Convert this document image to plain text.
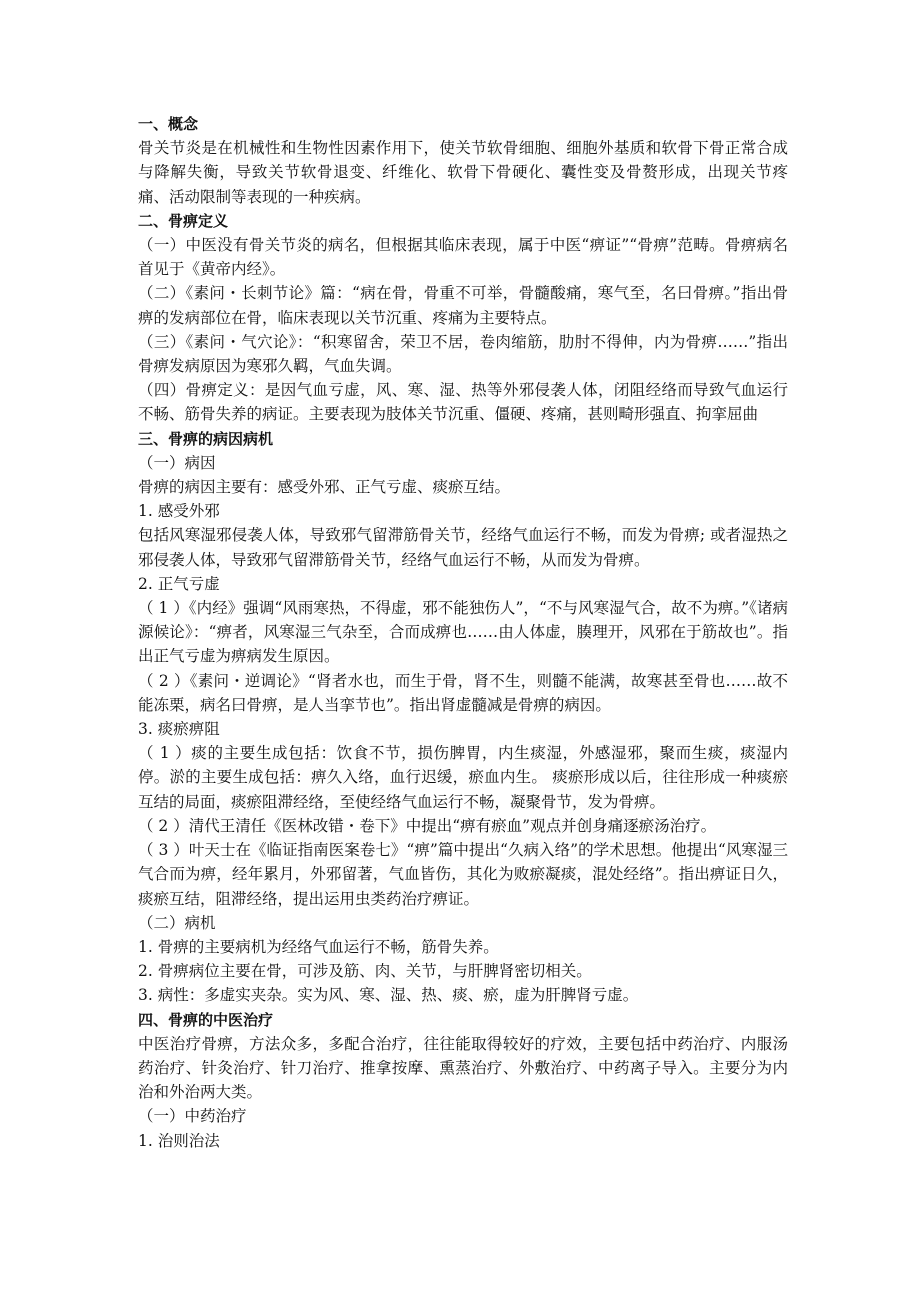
一、概念

骨关节炎是在机械性和生物性因素作用下，使关节软骨细胞、细胞外基质和软骨下骨正常合成与降解失衡，导致关节软骨退变、纤维化、软骨下骨硬化、囊性变及骨赘形成，出现关节疼痛、活动限制等表现的一种疾病。

二、骨痹定义

（一）中医没有骨关节炎的病名，但根据其临床表现，属于中医“痹证”“骨痹”范畴。骨痹病名首见于《黄帝内经》。

（二）《素问・长刺节论》篇：“病在骨，骨重不可举，骨髓酸痛，寒气至，名曰骨痹。”指出骨痹的发病部位在骨，临床表现以关节沉重、疼痛为主要特点。

（三）《素问・气穴论》：“积寒留舍，荣卫不居，卷肉缩筋，肋肘不得伸，内为骨痹……”指出骨痹发病原因为寒邪久羁，气血失调。

（四）骨痹定义：是因气血亏虚，风、寒、湿、热等外邪侵袭人体，闭阻经络而导致气血运行不畅、筋骨失养的病证。主要表现为肢体关节沉重、僵硬、疼痛，甚则畸形强直、拘挛屈曲

三、骨痹的病因病机

（一）病因

骨痹的病因主要有：感受外邪、正气亏虚、痰瘀互结。

1. 感受外邪

包括风寒湿邪侵袭人体，导致邪气留滞筋骨关节，经络气血运行不畅，而发为骨痹; 或者湿热之邪侵袭人体，导致邪气留滞筋骨关节，经络气血运行不畅，从而发为骨痹。

2. 正气亏虚

（ 1 ）《内经》强调“风雨寒热，不得虚，邪不能独伤人”，“不与风寒湿气合，故不为痹。”《诸病源候论》：“痹者，风寒湿三气杂至，合而成痹也……由人体虚，腠理开，风邪在于筋故也”。指出正气亏虚为痹病发生原因。

（ 2 ）《素问・逆调论》“肾者水也，而生于骨，肾不生，则髓不能满，故寒甚至骨也……故不能冻栗，病名曰骨痹，是人当挛节也”。指出肾虚髓减是骨痹的病因。

3. 痰瘀痹阻

（ 1 ）痰的主要生成包括：饮食不节，损伤脾胃，内生痰湿，外感湿邪，聚而生痰，痰湿内停。淤的主要生成包括：痹久入络，血行迟缓，瘀血内生。 痰瘀形成以后，往往形成一种痰瘀互结的局面，痰瘀阻滞经络，至使经络气血运行不畅，凝聚骨节，发为骨痹。

（ 2 ）清代王清任《医林改错・卷下》中提出“痹有瘀血”观点并创身痛逐瘀汤治疗。

（ 3 ）叶天士在《临证指南医案卷七》“痹”篇中提出“久病入络”的学术思想。他提出“风寒湿三气合而为痹，经年累月，外邪留著，气血皆伤，其化为败瘀凝痰，混处经络”。指出痹证日久，痰瘀互结，阻滞经络，提出运用虫类药治疗痹证。

（二）病机

1. 骨痹的主要病机为经络气血运行不畅，筋骨失养。

2. 骨痹病位主要在骨，可涉及筋、肉、关节，与肝脾肾密切相关。

3. 病性：多虚实夹杂。实为风、寒、湿、热、痰、瘀，虚为肝脾肾亏虚。

四、骨痹的中医治疗

中医治疗骨痹，方法众多，多配合治疗，往往能取得较好的疗效，主要包括中药治疗、内服汤药治疗、针灸治疗、针刀治疗、推拿按摩、熏蒸治疗、外敷治疗、中药离子导入。主要分为内治和外治两大类。

（一）中药治疗

1. 治则治法
